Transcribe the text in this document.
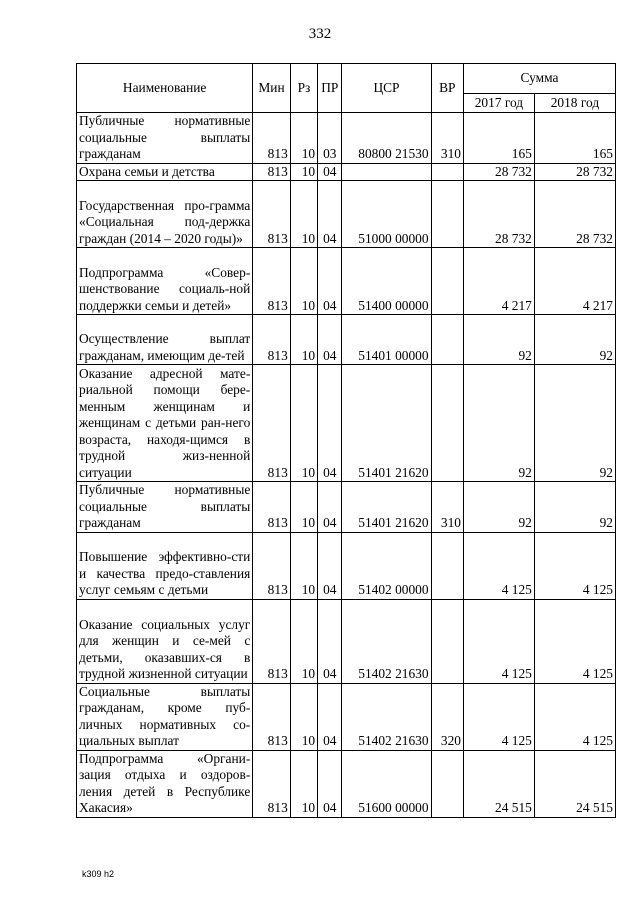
332
Наименование	Мин	Рз	ПР	ЦСР	ВР	Сумма	
						2017 год	2018 год
Публичные нормативные социальные выплаты гражданам	813	10	03	80800 21530	310	165	165
Охрана семьи и детства	813	10	04			28 732	28 732
Государственная про-грамма «Социальная под-держка граждан (2014 – 2020 годы)»	813	10	04	51000 00000		28 732	28 732
Подпрограмма «Совер-шенствование социаль-ной поддержки семьи и детей»	813	10	04	51400 00000		4 217	4 217
Осуществление выплат гражданам, имеющим де-тей	813	10	04	51401 00000		92	92
Оказание адресной мате-риальной помощи бере-менным женщинам и женщинам с детьми ран-него возраста, находя-щимся в трудной жиз-ненной ситуации	813	10	04	51401 21620		92	92
Публичные нормативные социальные выплаты гражданам	813	10	04	51401 21620	310	92	92
Повышение эффективно-сти и качества предо-ставления услуг семьям с детьми	813	10	04	51402 00000		4 125	4 125
Оказание социальных услуг для женщин и се-мей с детьми, оказавших-ся в трудной жизненной ситуации	813	10	04	51402 21630		4 125	4 125
Социальные выплаты гражданам, кроме пуб-личных нормативных со-циальных выплат	813	10	04	51402 21630	320	4 125	4 125
Подпрограмма «Органи-зация отдыха и оздоров-ления детей в Республике Хакасия»	813	10	04	51600 00000		24 515	24 515
k309 h2
